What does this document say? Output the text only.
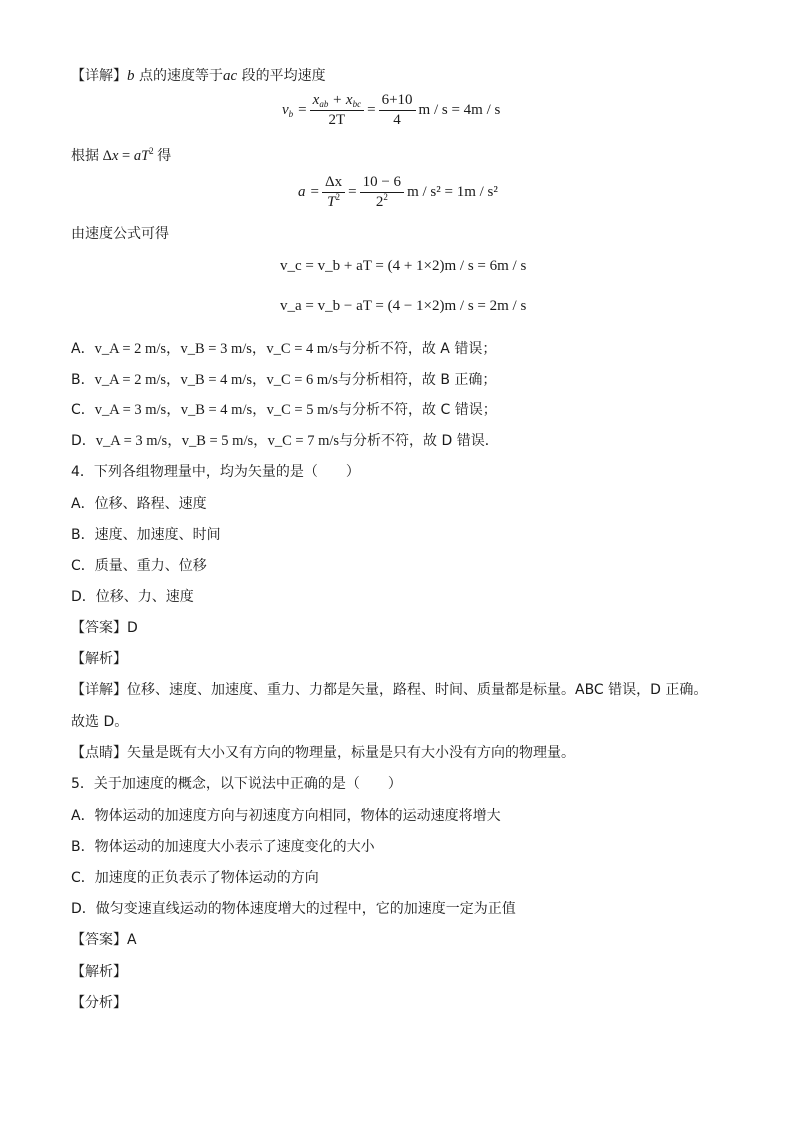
【详解】b 点的速度等于ac 段的平均速度
$v_b = \frac{x_{ab} + x_{bc}}{2T} = \frac{6+10}{4}$ m / s = 4m / s
根据 $\Delta x = aT^2$ 得
$a = \frac{\Delta x}{T^2} = \frac{10 - 6}{2^2}$ m / s² = 1m / s²
由速度公式可得
v_c = v_b + aT = (4 + 1×2)m / s = 6m / s
v_a = v_b − aT = (4 − 1×2)m / s = 2m / s
A．v_A = 2 m/s，v_B = 3 m/s，v_C = 4 m/s与分析不符，故 A 错误；
B．v_A = 2 m/s，v_B = 4 m/s，v_C = 6 m/s与分析相符，故 B 正确；
C．v_A = 3 m/s，v_B = 4 m/s，v_C = 5 m/s与分析不符，故 C 错误；
D．v_A = 3 m/s，v_B = 5 m/s，v_C = 7 m/s与分析不符，故 D 错误．
4．下列各组物理量中，均为矢量的是（　　）
A．位移、路程、速度
B．速度、加速度、时间
C．质量、重力、位移
D．位移、力、速度
【答案】D
【解析】
【详解】位移、速度、加速度、重力、力都是矢量，路程、时间、质量都是标量。ABC 错误，D 正确。
故选 D。
【点睛】矢量是既有大小又有方向的物理量，标量是只有大小没有方向的物理量。
5．关于加速度的概念，以下说法中正确的是（　　）
A．物体运动的加速度方向与初速度方向相同，物体的运动速度将增大
B．物体运动的加速度大小表示了速度变化的大小
C．加速度的正负表示了物体运动的方向
D．做匀变速直线运动的物体速度增大的过程中，它的加速度一定为正值
【答案】A
【解析】
【分析】
